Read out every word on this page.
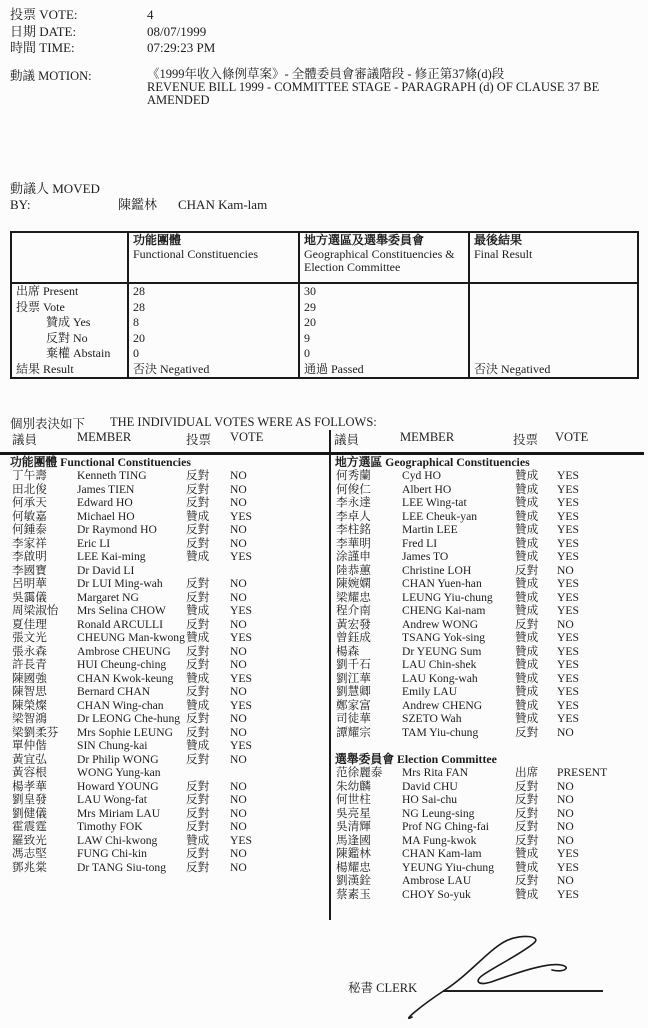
投票 VOTE:	4
日期 DATE:	08/07/1999
時間 TIME:	07:29:23 PM
動議 MOTION:	《1999年收入條例草案》- 全體委員會審議階段 - 修正第37條(d)段
REVENUE BILL 1999 - COMMITTEE STAGE - PARAGRAPH (d) OF CLAUSE 37 BE AMENDED
動議人 MOVED BY:	陳鑑林 CHAN Kam-lam

功能團體
Functional Constituencies

地方選區及選舉委員會
Geographical Constituencies & Election Committee

最後結果
Final Result

出席 Present	28	30	
投票 Vote	28	29	
贊成 Yes	8	20	
反對 No	20	9	
棄權 Abstain	0	0	
結果 Result	否決 Negatived	通過 Passed	否決 Negatived
個別表決如下 THE INDIVIDUAL VOTES WERE AS FOLLOWS:
議員	MEMBER	投票	VOTE	議員	MEMBER	投票	VOTE
功能團體 Functional Constituencies
丁午壽	Kenneth TING	反對	NO
田北俊	James TIEN	反對	NO
何承天	Edward HO	反對	NO
何敏嘉	Michael HO	贊成	YES
何鍾泰	Dr Raymond HO	反對	NO
李家祥	Eric LI	反對	NO
李啟明	LEE Kai-ming	贊成	YES
李國寶	Dr David LI
呂明華	Dr LUI Ming-wah	反對	NO
吳靄儀	Margaret NG	反對	NO
周梁淑怡	Mrs Selina CHOW	贊成	YES
夏佳理	Ronald ARCULLI	反對	NO
張文光	CHEUNG Man-kwong 贊成	YES
張永森	Ambrose CHEUNG	反對	NO
許長青	HUI Cheung-ching	反對	NO
陳國強	CHAN Kwok-keung	贊成	YES
陳智思	Bernard CHAN	反對	NO
陳榮燦	CHAN Wing-chan	贊成	YES
梁智鴻	Dr LEONG Che-hung 反對	NO
梁劉柔芬	Mrs Sophie LEUNG	反對	NO
單仲偕	SIN Chung-kai	贊成	YES
黃宜弘	Dr Philip WONG	反對	NO
黃容根	WONG Yung-kan
楊孝華	Howard YOUNG	反對	NO
劉皇發	LAU Wong-fat	反對	NO
劉健儀	Mrs Miriam LAU	反對	NO
霍震霆	Timothy FOK	反對	NO
羅致光	LAW Chi-kwong	贊成	YES
馮志堅	FUNG Chi-kin	反對	NO
鄧兆棠	Dr TANG Siu-tong	反對	NO
地方選區 Geographical Constituencies
何秀蘭	Cyd HO	贊成	YES
何俊仁	Albert HO	贊成	YES
李永達	LEE Wing-tat	贊成	YES
李卓人	LEE Cheuk-yan	贊成	YES
李柱銘	Martin LEE	贊成	YES
李華明	Fred LI	贊成	YES
涂謹申	James TO	贊成	YES
陸恭蕙	Christine LOH	反對	NO
陳婉嫻	CHAN Yuen-han	贊成	YES
梁耀忠	LEUNG Yiu-chung	贊成	YES
程介南	CHENG Kai-nam	贊成	YES
黃宏發	Andrew WONG	反對	NO
曾鈺成	TSANG Yok-sing	贊成	YES
楊森	Dr YEUNG Sum	贊成	YES
劉千石	LAU Chin-shek	贊成	YES
劉江華	LAU Kong-wah	贊成	YES
劉慧卿	Emily LAU	贊成	YES
鄭家富	Andrew CHENG	贊成	YES
司徒華	SZETO Wah	贊成	YES
譚耀宗	TAM Yiu-chung	反對	NO
選舉委員會 Election Committee
范徐麗泰	Mrs Rita FAN	出席	PRESENT
朱幼麟	David CHU	反對	NO
何世柱	HO Sai-chu	反對	NO
吳亮星	NG Leung-sing	反對	NO
吳清輝	Prof NG Ching-fai	反對	NO
馬逢國	MA Fung-kwok	反對	NO
陳鑑林	CHAN Kam-lam	贊成	YES
楊耀忠	YEUNG Yiu-chung	贊成	YES
劉漢銓	Ambrose LAU	反對	NO
蔡素玉	CHOY So-yuk	贊成	YES
秘書 CLERK
